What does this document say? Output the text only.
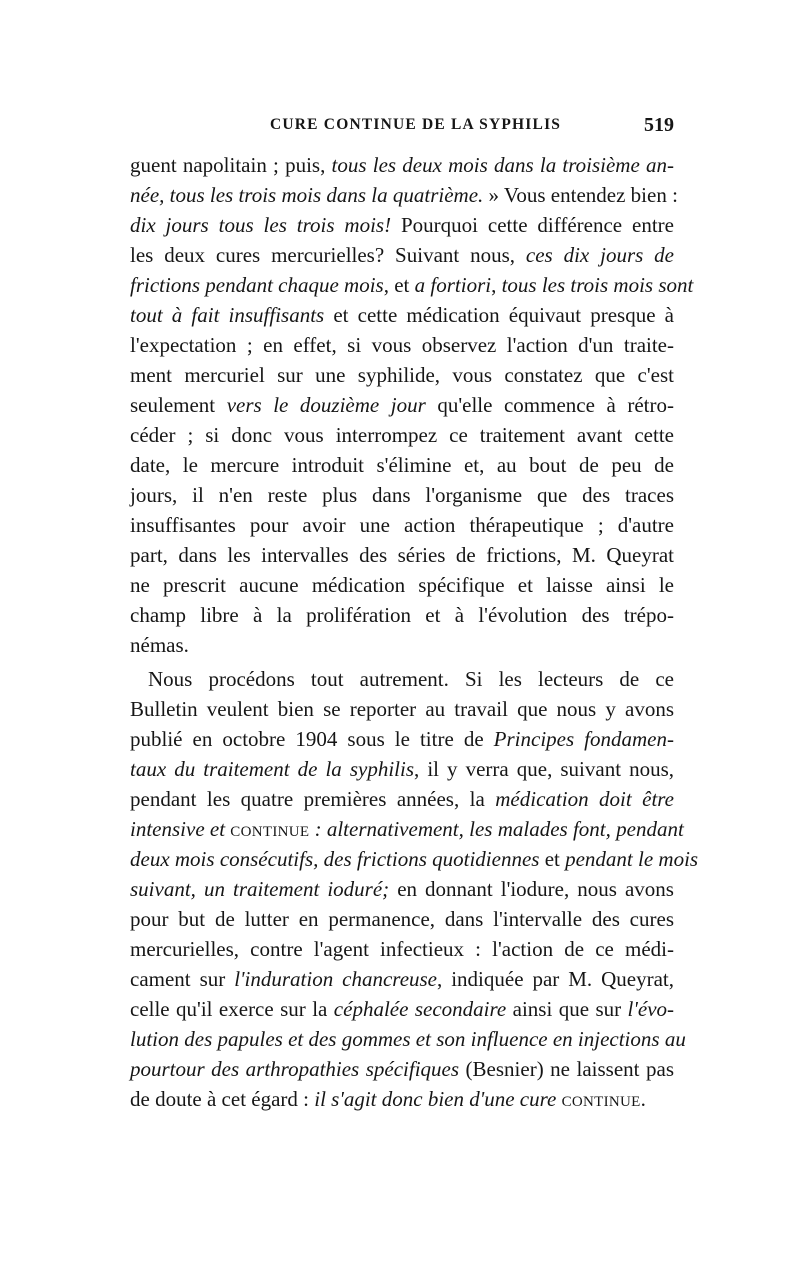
CURE CONTINUE DE LA SYPHILIS	519
guent napolitain ; puis, tous les deux mois dans la troisième an-
née, tous les trois mois dans la quatrième. » Vous entendez bien :
dix jours tous les trois mois! Pourquoi cette différence entre
les deux cures mercurielles? Suivant nous, ces dix jours de
frictions pendant chaque mois, et a fortiori, tous les trois mois sont
tout à fait insuffisants et cette médication équivaut presque à
l'expectation ; en effet, si vous observez l'action d'un traite-
ment mercuriel sur une syphilide, vous constatez que c'est
seulement vers le douzième jour qu'elle commence à rétro-
céder ; si donc vous interrompez ce traitement avant cette
date, le mercure introduit s'élimine et, au bout de peu de
jours, il n'en reste plus dans l'organisme que des traces
insuffisantes pour avoir une action thérapeutique ; d'autre
part, dans les intervalles des séries de frictions, M. Queyrat
ne prescrit aucune médication spécifique et laisse ainsi le
champ libre à la prolifération et à l'évolution des trépo-
némas.
Nous procédons tout autrement. Si les lecteurs de ce
Bulletin veulent bien se reporter au travail que nous y avons
publié en octobre 1904 sous le titre de Principes fondamen-
taux du traitement de la syphilis, il y verra que, suivant nous,
pendant les quatre premières années, la médication doit être
intensive et continue : alternativement, les malades font, pendant
deux mois consécutifs, des frictions quotidiennes et pendant le mois
suivant, un traitement ioduré; en donnant l'iodure, nous avons
pour but de lutter en permanence, dans l'intervalle des cures
mercurielles, contre l'agent infectieux : l'action de ce médi-
cament sur l'induration chancreuse, indiquée par M. Queyrat,
celle qu'il exerce sur la céphalée secondaire ainsi que sur l'évo-
lution des papules et des gommes et son influence en injections au
pourtour des arthropathies spécifiques (Besnier) ne laissent pas
de doute à cet égard : il s'agit donc bien d'une cure continue.
